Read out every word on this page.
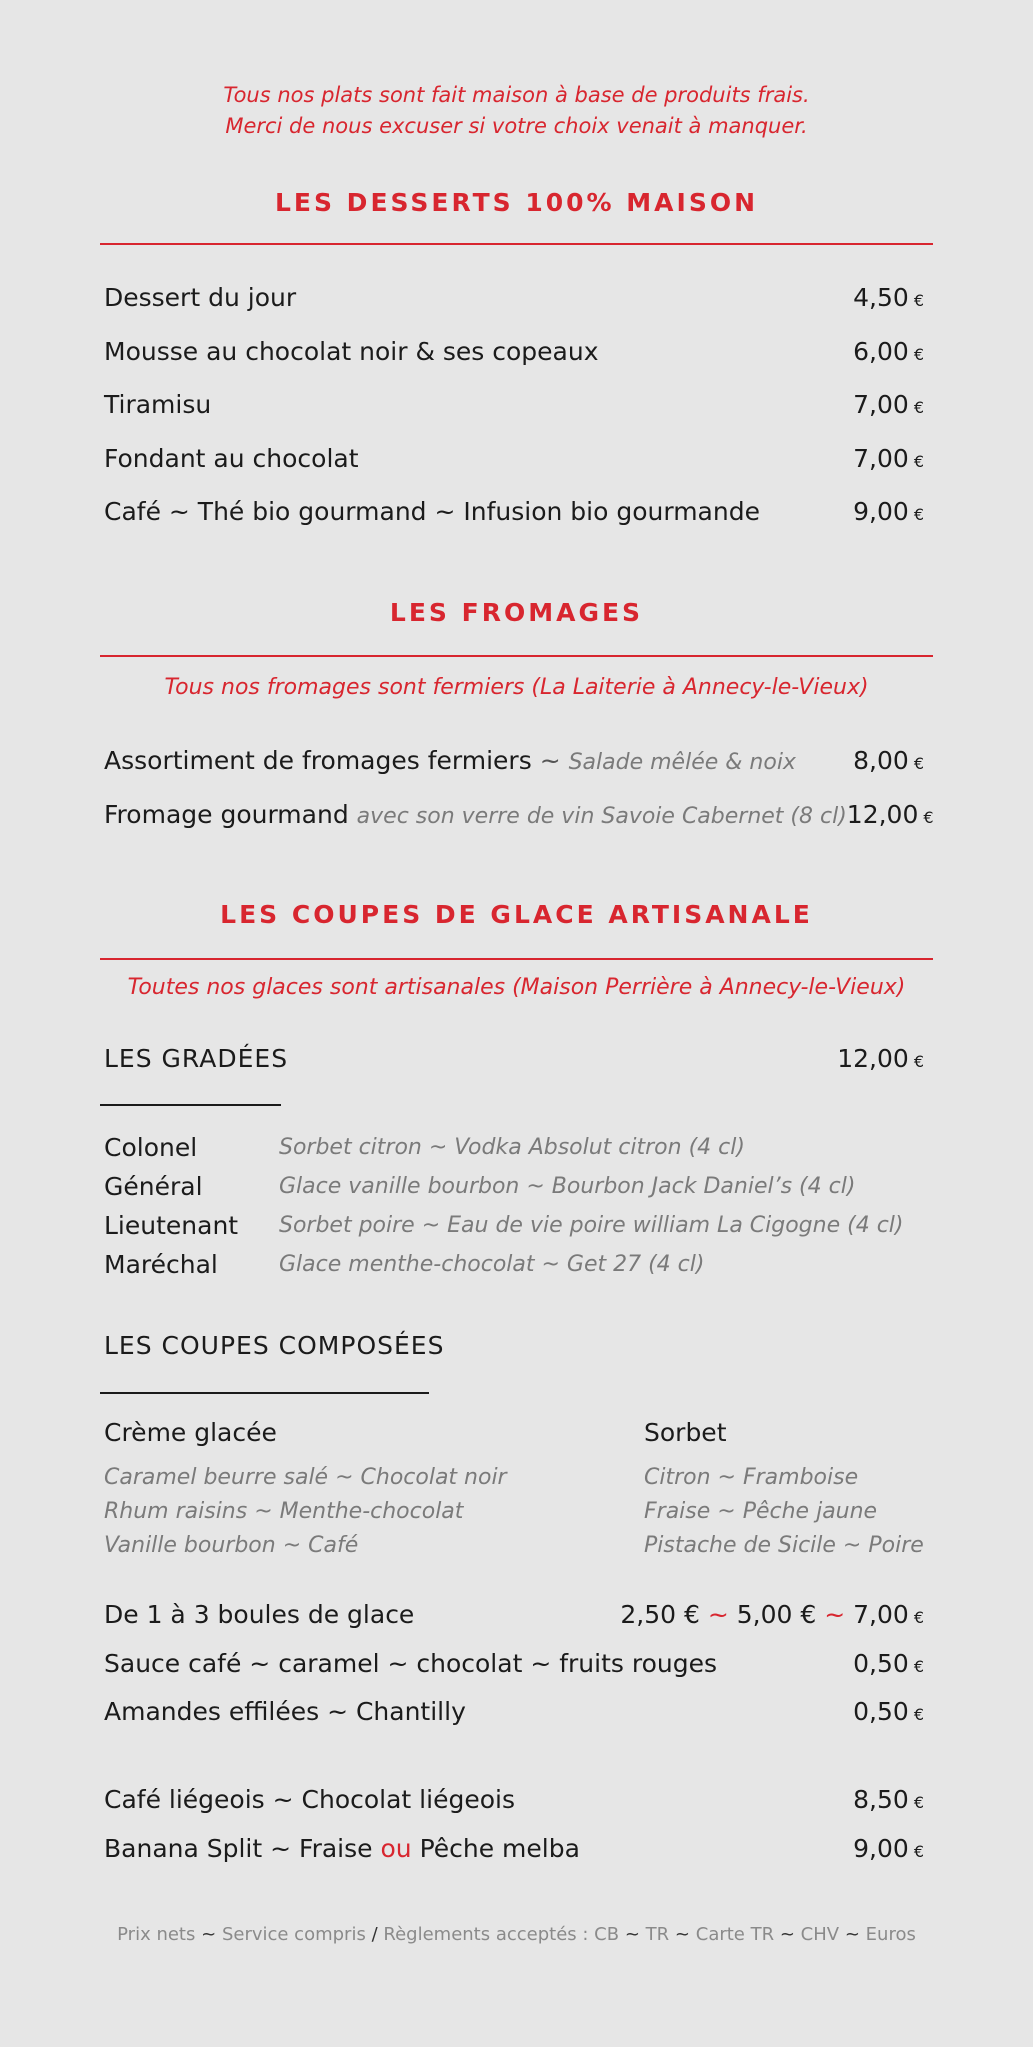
Tous nos plats sont fait maison à base de produits frais.
Merci de nous excuser si votre choix venait à manquer.
LES DESSERTS 100% MAISON
Dessert du jour	4,50 €
Mousse au chocolat noir & ses copeaux	6,00 €
Tiramisu	7,00 €
Fondant au chocolat	7,00 €
Café ~ Thé bio gourmand ~ Infusion bio gourmande	9,00 €
LES FROMAGES
Tous nos fromages sont fermiers (La Laiterie à Annecy-le-Vieux)
Assortiment de fromages fermiers ~ Salade mêlée & noix 8,00 €
Fromage gourmand avec son verre de vin Savoie Cabernet (8 cl) 12,00 €
LES COUPES DE GLACE ARTISANALE
Toutes nos glaces sont artisanales (Maison Perrière à Annecy-le-Vieux)
LES GRADÉES	12,00 €
Colonel	Sorbet citron ~ Vodka Absolut citron (4 cl)
Général	Glace vanille bourbon ~ Bourbon Jack Daniel’s (4 cl)
Lieutenant	Sorbet poire ~ Eau de vie poire william La Cigogne (4 cl)
Maréchal	Glace menthe-chocolat ~ Get 27 (4 cl)
LES COUPES COMPOSÉES
Crème glacée
Caramel beurre salé ~ Chocolat noir
Rhum raisins ~ Menthe-chocolat
Vanille bourbon ~ Café
Sorbet
Citron ~ Framboise
Fraise ~ Pêche jaune
Pistache de Sicile ~ Poire
De 1 à 3 boules de glace	2,50 € ~ 5,00 € ~ 7,00 €
Sauce café ~ caramel ~ chocolat ~ fruits rouges	0,50 €
Amandes effilées ~ Chantilly	0,50 €
Café liégeois ~ Chocolat liégeois	8,50 €
Banana Split ~ Fraise ou Pêche melba	9,00 €
Prix nets ~ Service compris / Règlements acceptés : CB ~ TR ~ Carte TR ~ CHV ~ Euros
